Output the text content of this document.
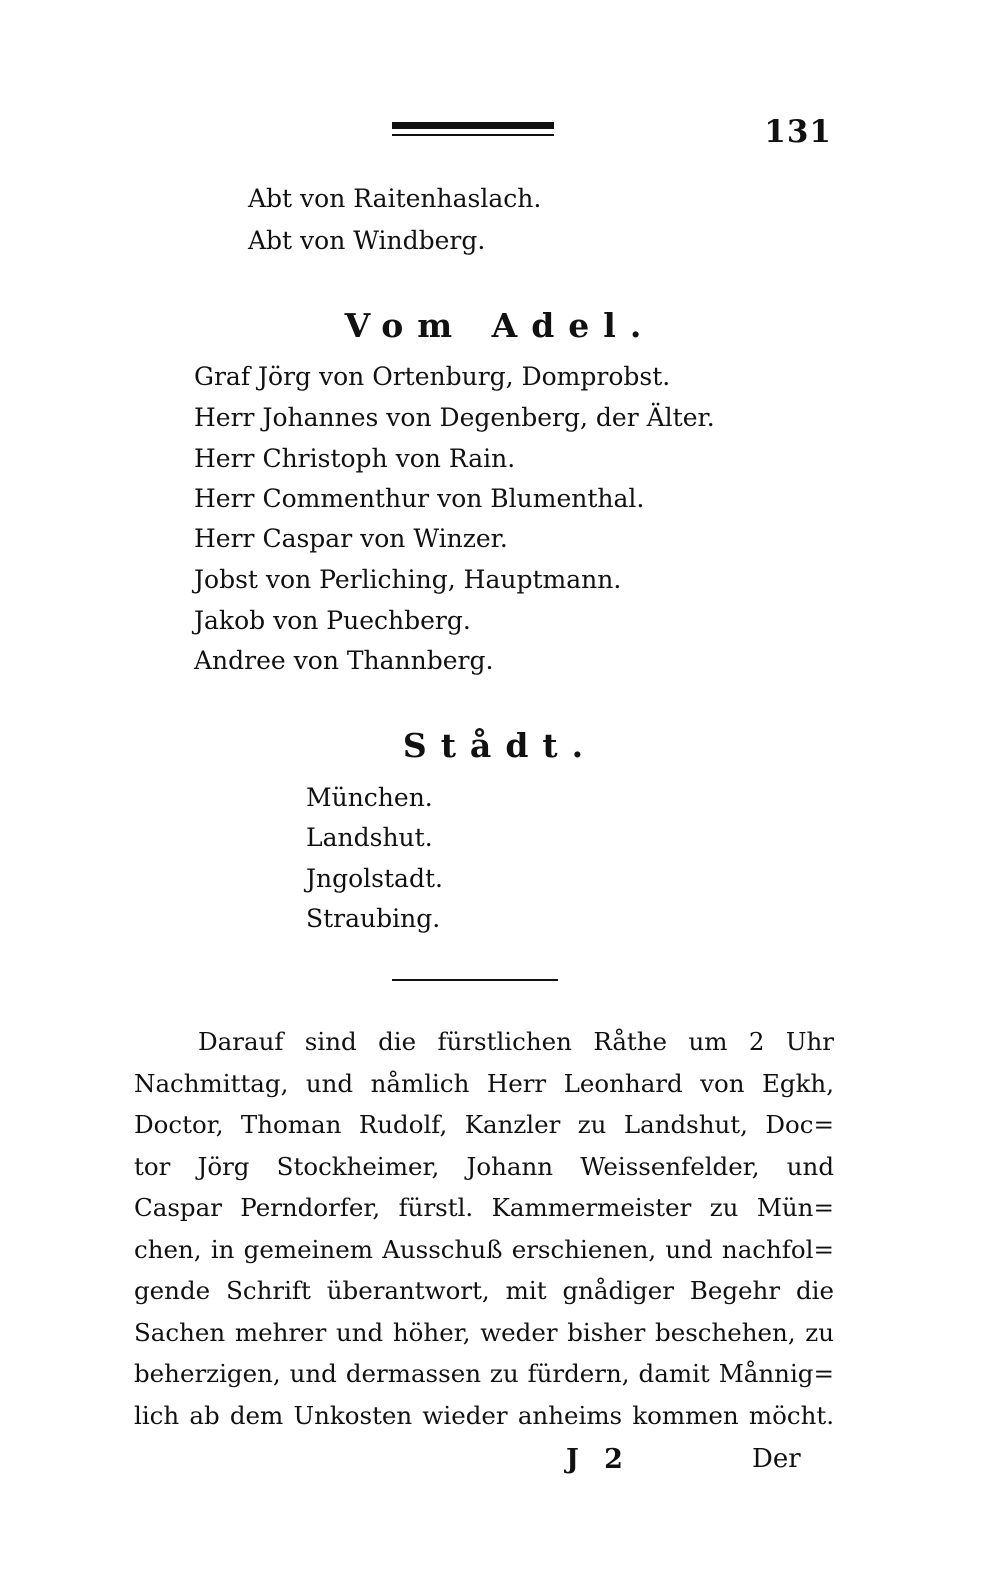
131
Abt von Raitenhaslach.
Abt von Windberg.
Vom Adel.
Graf Jörg von Ortenburg, Domprobst.
Herr Johannes von Degenberg, der Älter.
Herr Christoph von Rain.
Herr Commenthur von Blumenthal.
Herr Caspar von Winzer.
Jobst von Perliching, Hauptmann.
Jakob von Puechberg.
Andree von Thannberg.
Stådt.
München.
Landshut.
Jngolstadt.
Straubing.
Darauf sind die fürstlichen Råthe um 2 Uhr
Nachmittag, und nåmlich Herr Leonhard von Egkh,
Doctor, Thoman Rudolf, Kanzler zu Landshut, Doc=
tor Jörg Stockheimer, Johann Weissenfelder, und
Caspar Perndorfer, fürstl. Kammermeister zu Mün=
chen, in gemeinem Ausschuß erschienen, und nachfol=
gende Schrift überantwort, mit gnådiger Begehr die
Sachen mehrer und höher, weder bisher beschehen, zu
beherzigen, und dermassen zu fürdern, damit Månnig=
lich ab dem Unkosten wieder anheims kommen möcht.
J 2	Der
